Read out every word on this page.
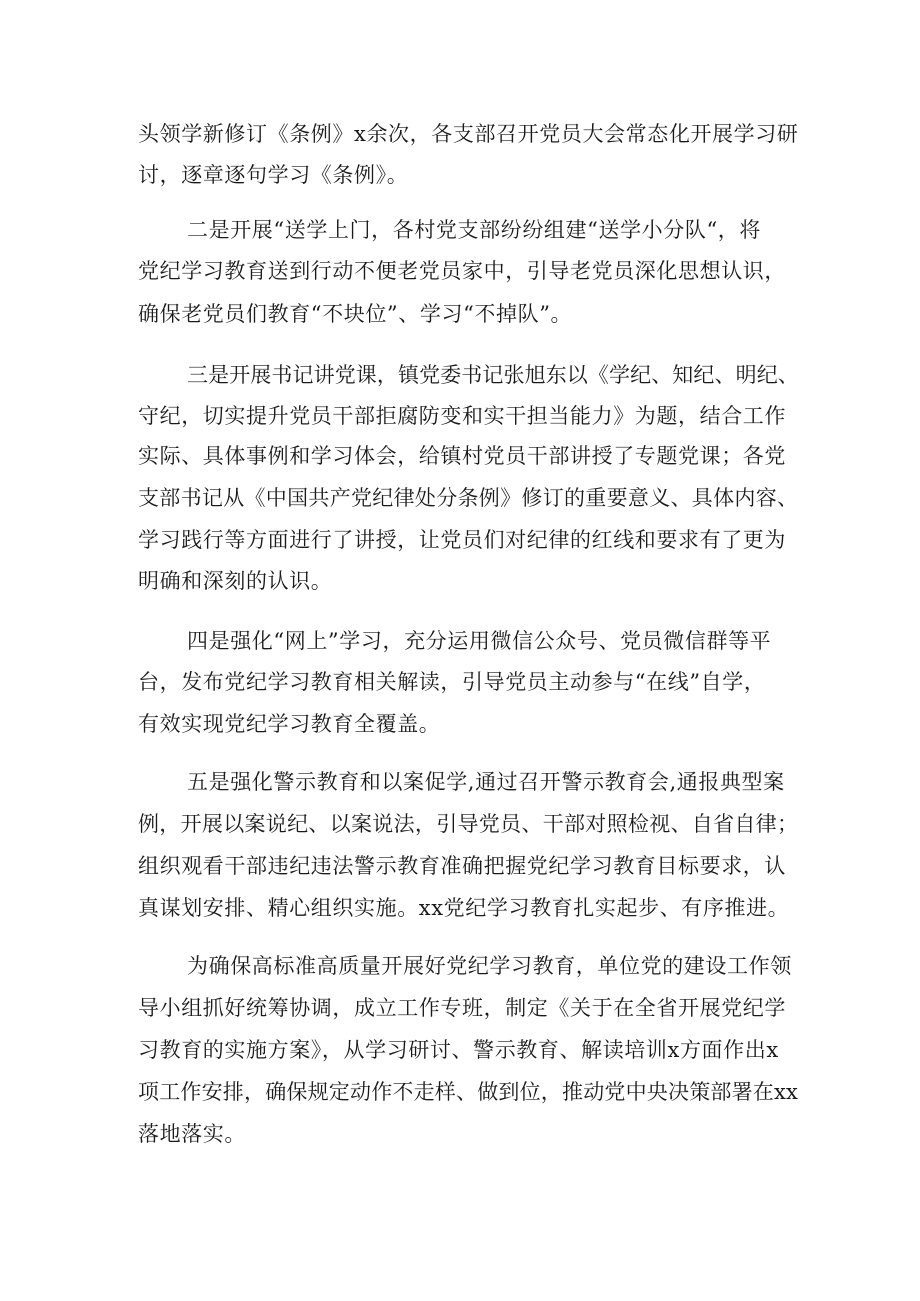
头领学新修订《条例》x余次，各支部召开党员大会常态化开展学习研
讨，逐章逐句学习《条例》。
二是开展“送学上门，各村党支部纷纷组建“送学小分队“，将
党纪学习教育送到行动不便老党员家中，引导老党员深化思想认识，
确保老党员们教育“不块位”、学习“不掉队”。
三是开展书记讲党课，镇党委书记张旭东以《学纪、知纪、明纪、
守纪，切实提升党员干部拒腐防变和实干担当能力》为题，结合工作
实际、具体事例和学习体会，给镇村党员干部讲授了专题党课；各党
支部书记从《中国共产党纪律处分条例》修订的重要意义、具体内容、
学习践行等方面进行了讲授，让党员们对纪律的红线和要求有了更为
明确和深刻的认识。
四是强化“网上”学习，充分运用微信公众号、党员微信群等平
台，发布党纪学习教育相关解读，引导党员主动参与“在线”自学，
有效实现党纪学习教育全覆盖。
五是强化警示教育和以案促学,通过召开警示教育会,通报典型案
例，开展以案说纪、以案说法，引导党员、干部对照检视、自省自律；
组织观看干部违纪违法警示教育准确把握党纪学习教育目标要求，认
真谋划安排、精心组织实施。xx党纪学习教育扎实起步、有序推进。
为确保高标准高质量开展好党纪学习教育，单位党的建设工作领
导小组抓好统筹协调，成立工作专班，制定《关于在全省开展党纪学
习教育的实施方案》，从学习研讨、警示教育、解读培训x方面作出x
项工作安排，确保规定动作不走样、做到位，推动党中央决策部署在xx
落地落实。
